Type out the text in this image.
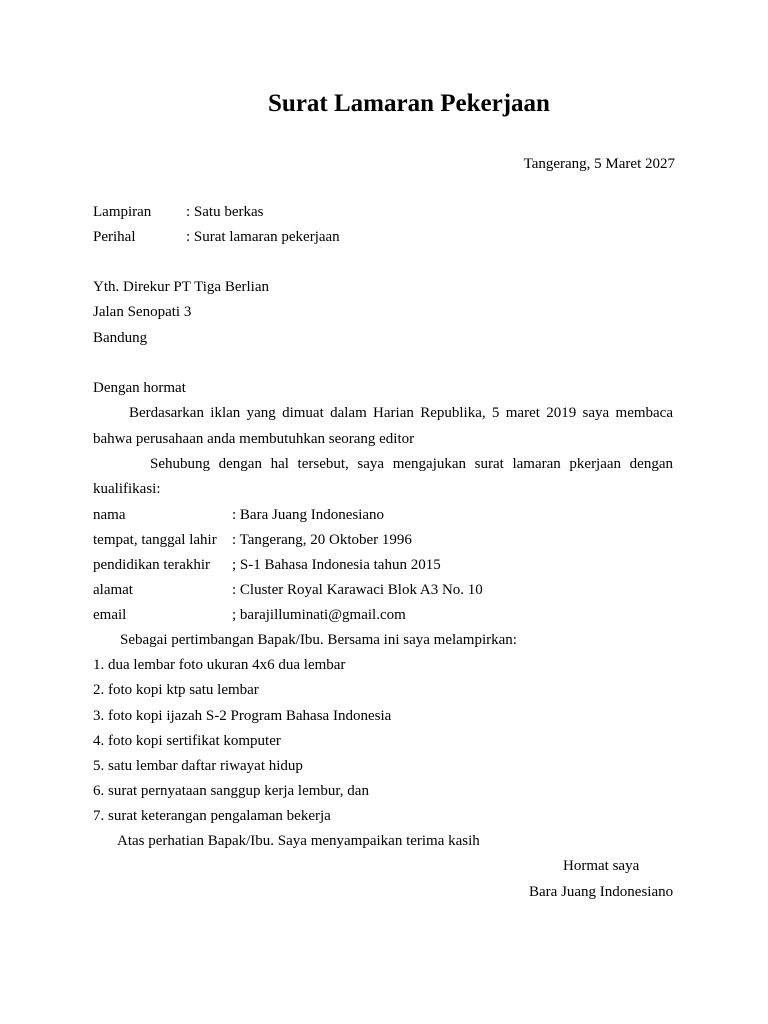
Surat Lamaran Pekerjaan
Tangerang, 5 Maret 2027
Lampiran : Satu berkas
Perihal	: Surat lamaran pekerjaan
Yth. Direkur PT Tiga Berlian
Jalan Senopati 3
Bandung
Dengan hormat
Berdasarkan iklan yang dimuat dalam Harian Republika, 5 maret 2019 saya membaca
bahwa perusahaan anda membutuhkan seorang editor
Sehubung dengan hal tersebut, saya mengajukan surat lamaran pkerjaan dengan
kualifikasi:
nama	: Bara Juang Indonesiano
tempat, tanggal lahir : Tangerang, 20 Oktober 1996
pendidikan terakhir ; S-1 Bahasa Indonesia tahun 2015
alamat	: Cluster Royal Karawaci Blok A3 No. 10
email	; barajilluminati@gmail.com
Sebagai pertimbangan Bapak/Ibu. Bersama ini saya melampirkan:
1. dua lembar foto ukuran 4x6 dua lembar
2. foto kopi ktp satu lembar
3. foto kopi ijazah S-2 Program Bahasa Indonesia
4. foto kopi sertifikat komputer
5. satu lembar daftar riwayat hidup
6. surat pernyataan sanggup kerja lembur, dan
7. surat keterangan pengalaman bekerja
Atas perhatian Bapak/Ibu. Saya menyampaikan terima kasih
Hormat saya
Bara Juang Indonesiano
